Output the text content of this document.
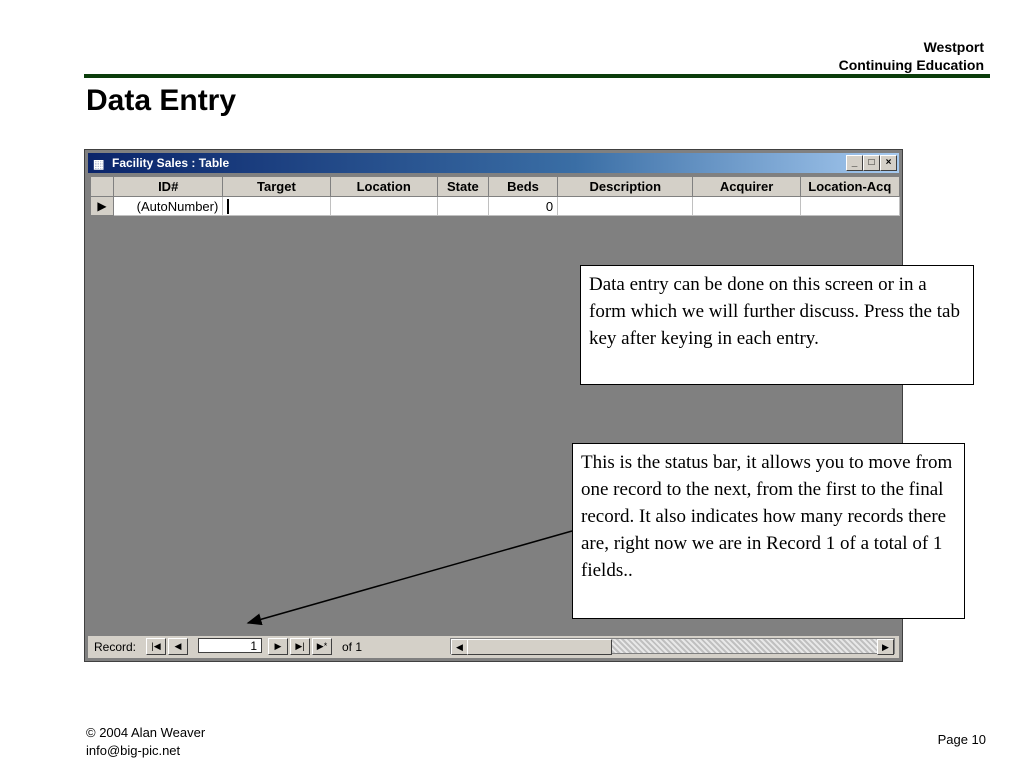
Westport
Continuing Education
Data Entry
▦ Facility Sales : Table	_	□	×
	ID#	Target	Location	State	Beds	Description	Acquirer	Location-Acq
▶	(AutoNumber)				0			
Record:	|◀	◀	1	▶	▶|	▶*	of 1	◀	▶
Data entry can be done on this screen or in a form which we will further discuss. Press the tab key after keying in each entry.
This is the status bar, it allows you to move from one record to the next, from the first to the final record. It also indicates how many records there are, right now we are in Record 1 of a total of 1 fields..
© 2004 Alan Weaver
info@big-pic.net
Page 10
